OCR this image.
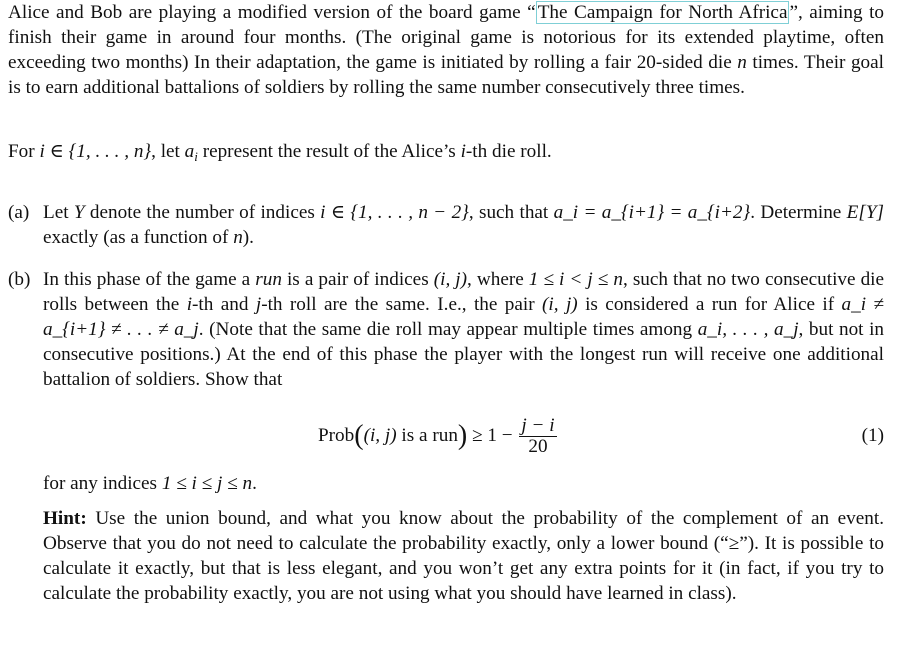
Alice and Bob are playing a modified version of the board game “ The Campaign for North Africa ”, aiming to finish their game in around four months. (The original game is notorious for its extended playtime, often exceeding two months) In their adaptation, the game is initiated by rolling a fair 20-sided die n times. Their goal is to earn additional battalions of soldiers by rolling the same number consecutively three times.

For i ∈ {1, . . . , n}, let $a_i$ represent the result of the Alice’s i-th die roll.

(a) Let Y denote the number of indices i ∈ {1, . . . , n − 2}, such that a_i = a_{i+1} = a_{i+2}. Determine E[Y] exactly (as a function of n).

(b) In this phase of the game a run is a pair of indices (i, j), where 1 ≤ i < j ≤ n, such that no two consecutive die rolls between the i-th and j-th roll are the same. I.e., the pair (i, j) is considered a run for Alice if a_i ≠ a_{i+1} ≠ . . . ≠ a_j. (Note that the same die roll may appear multiple times among a_i, . . . , a_j, but not in consecutive positions.) At the end of this phase the player with the longest run will receive one additional battalion of soldiers. Show that

Prob((i, j) is a $run) \ge 1 - \frac{j - i}{20}$	(1)
for any indices 1 ≤ i ≤ j ≤ n.

Hint: Use the union bound, and what you know about the probability of the complement of an event. Observe that you do not need to calculate the probability exactly, only a lower bound (“≥”). It is possible to calculate it exactly, but that is less elegant, and you won’t get any extra points for it (in fact, if you try to calculate the probability exactly, you are not using what you should have learned in class).
